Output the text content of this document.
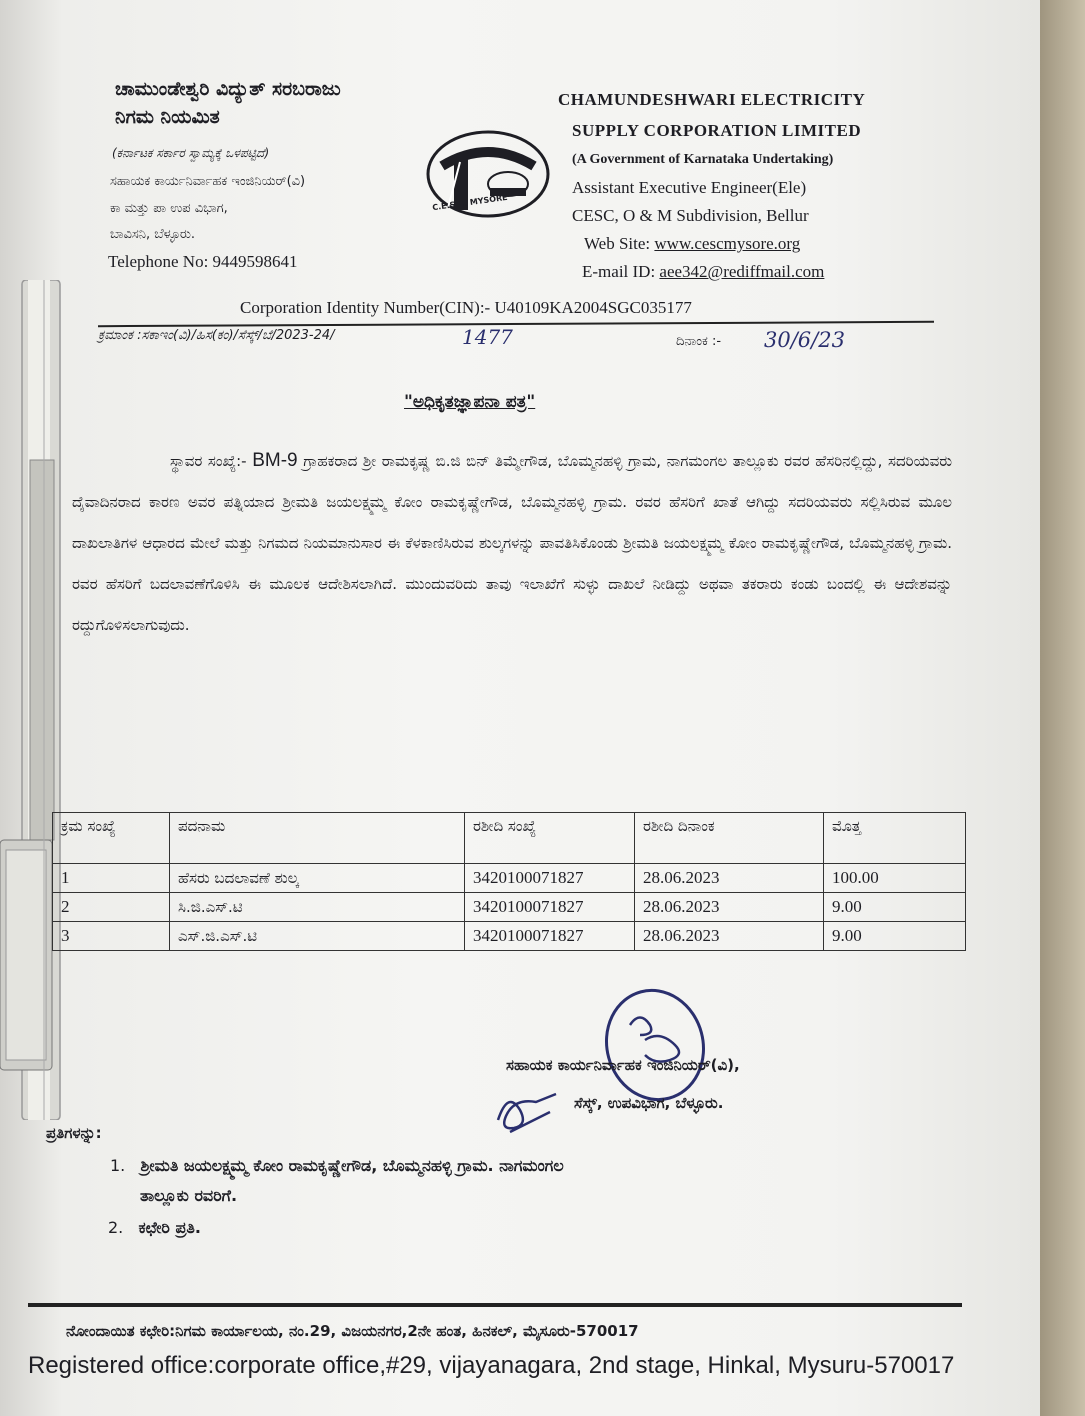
ಚಾಮುಂಡೇಶ್ವರಿ ವಿದ್ಯುತ್ ಸರಬರಾಜು
ನಿಗಮ ನಿಯಮಿತ
(ಕರ್ನಾಟಕ ಸರ್ಕಾರ ಸ್ವಾಮ್ಯಕ್ಕೆ ಒಳಪಟ್ಟಿದೆ)
ಸಹಾಯಕ ಕಾರ್ಯನಿರ್ವಾಹಕ ಇಂಜಿನಿಯರ್(ವಿ)
ಕಾ ಮತ್ತು ಪಾ ಉಪ ವಿಭಾಗ,
ಬಾವಿಸನಿ, ಬೆಳ್ಳೂರು.
Telephone No: 9449598641
C.E.S.C. MYSORE
CHAMUNDESHWARI ELECTRICITY
SUPPLY CORPORATION LIMITED
(A Government of Karnataka Undertaking)
Assistant Executive Engineer(Ele)
CESC, O & M Subdivision, Bellur
Web Site: www.cescmysore.org
E-mail ID: aee342@rediffmail.com
Corporation Identity Number(CIN):- U40109KA2004SGC035177
ಕ್ರಮಾಂಕ :ಸಕಾಇಂ(ವಿ)/ಹಿಸ(ಕಂ)/ಸೆಸ್ಕ್/ಬೆ/2023-24/	1477	ದಿನಾಂಕ :- 30/6/23
"ಅಧಿಕೃತಜ್ಞಾಪನಾ ಪತ್ರ"

ಸ್ಥಾವರ ಸಂಖ್ಯೆ:- BM-9 ಗ್ರಾಹಕರಾದ ಶ್ರೀ ರಾಮಕೃಷ್ಣ ಬಿ.ಜಿ ಬಿನ್ ತಿಮ್ಮೇಗೌಡ, ಬೊಮ್ಮನಹಳ್ಳಿ ಗ್ರಾಮ, ನಾಗಮಂಗಲ ತಾಲ್ಲೂಕು ರವರ ಹೆಸರಿನಲ್ಲಿದ್ದು, ಸದರಿಯವರು ದೈವಾದಿನರಾದ ಕಾರಣ ಅವರ ಪತ್ನಿಯಾದ ಶ್ರೀಮತಿ ಜಯಲಕ್ಷ್ಮಮ್ಮ ಕೋಂ ರಾಮಕೃಷ್ಣೇಗೌಡ, ಬೊಮ್ಮನಹಳ್ಳಿ ಗ್ರಾಮ. ರವರ ಹೆಸರಿಗೆ ಖಾತೆ ಆಗಿದ್ದು ಸದರಿಯವರು ಸಲ್ಲಿಸಿರುವ ಮೂಲ ದಾಖಲಾತಿಗಳ ಆಧಾರದ ಮೇಲೆ ಮತ್ತು ನಿಗಮದ ನಿಯಮಾನುಸಾರ ಈ ಕೆಳಕಾಣಿಸಿರುವ ಶುಲ್ಕಗಳನ್ನು ಪಾವತಿಸಿಕೊಂಡು ಶ್ರೀಮತಿ ಜಯಲಕ್ಷ್ಮಮ್ಮ ಕೋಂ ರಾಮಕೃಷ್ಣೇಗೌಡ, ಬೊಮ್ಮನಹಳ್ಳಿ ಗ್ರಾಮ. ರವರ ಹೆಸರಿಗೆ ಬದಲಾವಣೆಗೊಳಿಸಿ ಈ ಮೂಲಕ ಆದೇಶಿಸಲಾಗಿದೆ. ಮುಂದುವರಿದು ತಾವು ಇಲಾಖೆಗೆ ಸುಳ್ಳು ದಾಖಲೆ ನೀಡಿದ್ದು ಅಥವಾ ತಕರಾರು ಕಂಡು ಬಂದಲ್ಲಿ ಈ ಆದೇಶವನ್ನು ರದ್ದುಗೊಳಿಸಲಾಗುವುದು.

ಕ್ರಮ ಸಂಖ್ಯೆ	ಪದನಾಮ	ರಶೀದಿ ಸಂಖ್ಯೆ	ರಶೀದಿ ದಿನಾಂಕ	ಮೊತ್ತ
1	ಹೆಸರು ಬದಲಾವಣೆ ಶುಲ್ಕ	3420100071827	28.06.2023	100.00
2	ಸಿ.ಜಿ.ಎಸ್.ಟಿ	3420100071827	28.06.2023	9.00
3	ಎಸ್.ಜಿ.ಎಸ್.ಟಿ	3420100071827	28.06.2023	9.00
ಸಹಾಯಕ ಕಾರ್ಯನಿರ್ವಾಹಕ ಇಂಜಿನಿಯರ್(ವಿ),
ಸೆಸ್ಕ್, ಉಪವಿಭಾಗ, ಬೆಳ್ಳೂರು.
ಪ್ರತಿಗಳನ್ನು:
1. ಶ್ರೀಮತಿ ಜಯಲಕ್ಷ್ಮಮ್ಮ ಕೋಂ ರಾಮಕೃಷ್ಣೇಗೌಡ, ಬೊಮ್ಮನಹಳ್ಳಿ ಗ್ರಾಮ. ನಾಗಮಂಗಲ
ತಾಲ್ಲೂಕು ರವರಿಗೆ.
2. ಕಛೇರಿ ಪ್ರತಿ.
ನೋಂದಾಯಿತ ಕಛೇರಿ:ನಿಗಮ ಕಾರ್ಯಾಲಯ, ನಂ.29, ವಿಜಯನಗರ,2ನೇ ಹಂತ, ಹಿನಕಲ್, ಮೈಸೂರು-570017
Registered office:corporate office,#29, vijayanagara, 2nd stage, Hinkal, Mysuru-570017
